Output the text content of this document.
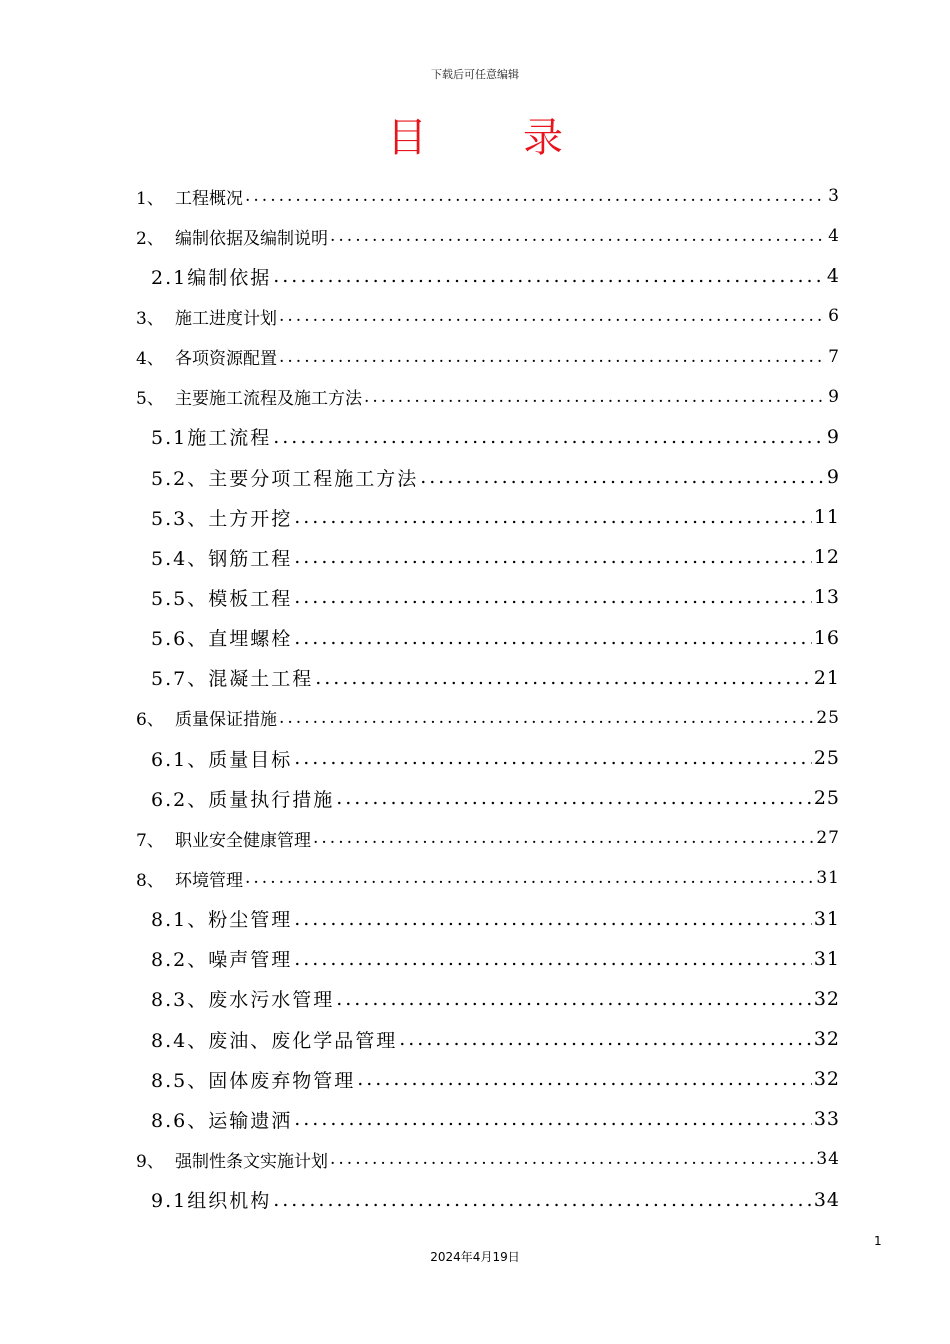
下载后可任意编辑
目 录
1、 工程概况 .....	3
2、 编制依据及编制说明 .....	4
2.1编制依据 .....	4
3、 施工进度计划 .....	6
4、 各项资源配置 .....	7
5、 主要施工流程及施工方法 .....	9
5.1施工流程 .....	9
5.2、主要分项工程施工方法 .....	9
5.3、土方开挖 .....	11
5.4、钢筋工程 .....	12
5.5、模板工程 .....	13
5.6、直埋螺栓 .....	16
5.7、混凝土工程 .....	21
6、 质量保证措施 .....	25
6.1、质量目标 .....	25
6.2、质量执行措施 .....	25
7、 职业安全健康管理 .....	27
8、 环境管理 .....	31
8.1、粉尘管理 .....	31
8.2、噪声管理 .....	31
8.3、废水污水管理 .....	32
8.4、废油、废化学品管理 .....	32
8.5、固体废弃物管理 .....	32
8.6、运输遗洒 .....	33
9、 强制性条文实施计划 .....	34
9.1组织机构 .....	34
1
2024年4月19日
